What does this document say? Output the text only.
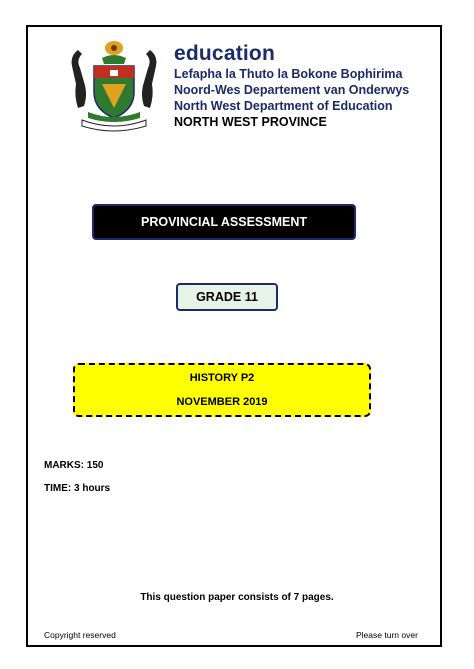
education
Lefapha la Thuto la Bokone Bophirima
Noord-Wes Departement van Onderwys
North West Department of Education
NORTH WEST PROVINCE
PROVINCIAL ASSESSMENT
GRADE 11
HISTORY P2
NOVEMBER 2019
MARKS: 150
TIME: 3 hours
This question paper consists of 7 pages.
Copyright reserved	Please turn over
